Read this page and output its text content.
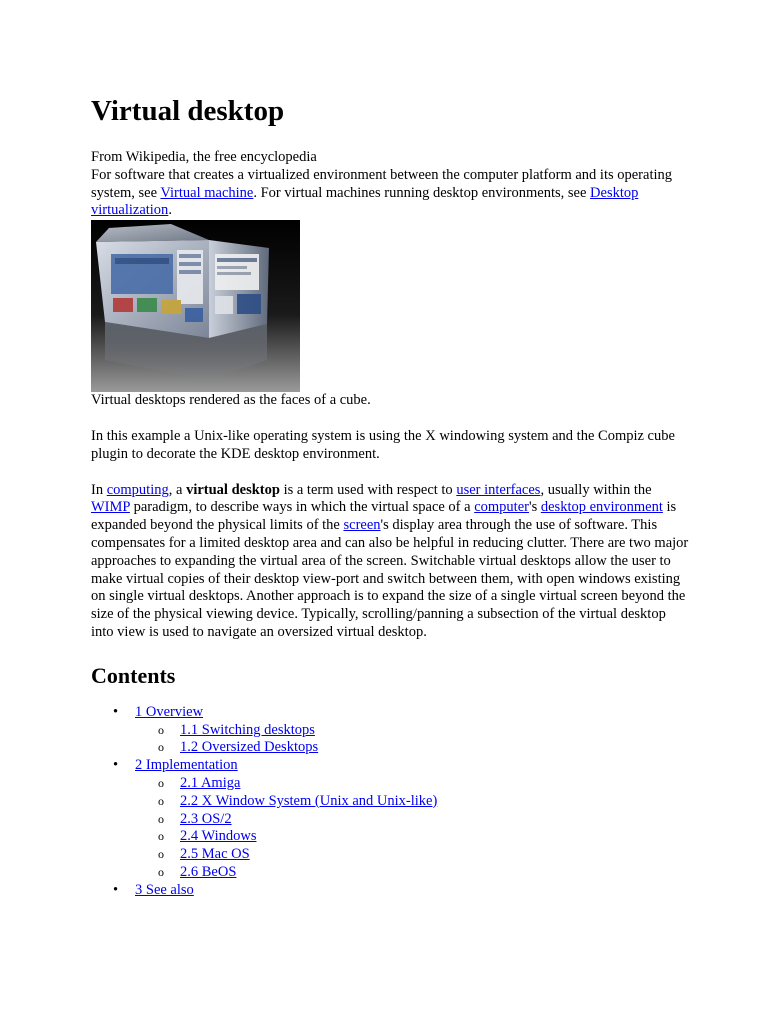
Virtual desktop

From Wikipedia, the free encyclopedia

For software that creates a virtualized environment between the computer platform and its operating system, see Virtual machine. For virtual machines running desktop environments, see Desktop virtualization.

Virtual desktops rendered as the faces of a cube.

In this example a Unix-like operating system is using the X windowing system and the Compiz cube plugin to decorate the KDE desktop environment.

In computing, a virtual desktop is a term used with respect to user interfaces, usually within the WIMP paradigm, to describe ways in which the virtual space of a computer's desktop environment is expanded beyond the physical limits of the screen's display area through the use of software. This compensates for a limited desktop area and can also be helpful in reducing clutter. There are two major approaches to expanding the virtual area of the screen. Switchable virtual desktops allow the user to make virtual copies of their desktop view-port and switch between them, with open windows existing on single virtual desktops. Another approach is to expand the size of a single virtual screen beyond the size of the physical viewing device. Typically, scrolling/panning a subsection of the virtual desktop into view is used to navigate an oversized virtual desktop.

Contents
• 1 Overview
o 1.1 Switching desktops
o 1.2 Oversized Desktops
• 2 Implementation
o 2.1 Amiga
o 2.2 X Window System (Unix and Unix-like)
o 2.3 OS/2
o 2.4 Windows
o 2.5 Mac OS
o 2.6 BeOS
• 3 See also
